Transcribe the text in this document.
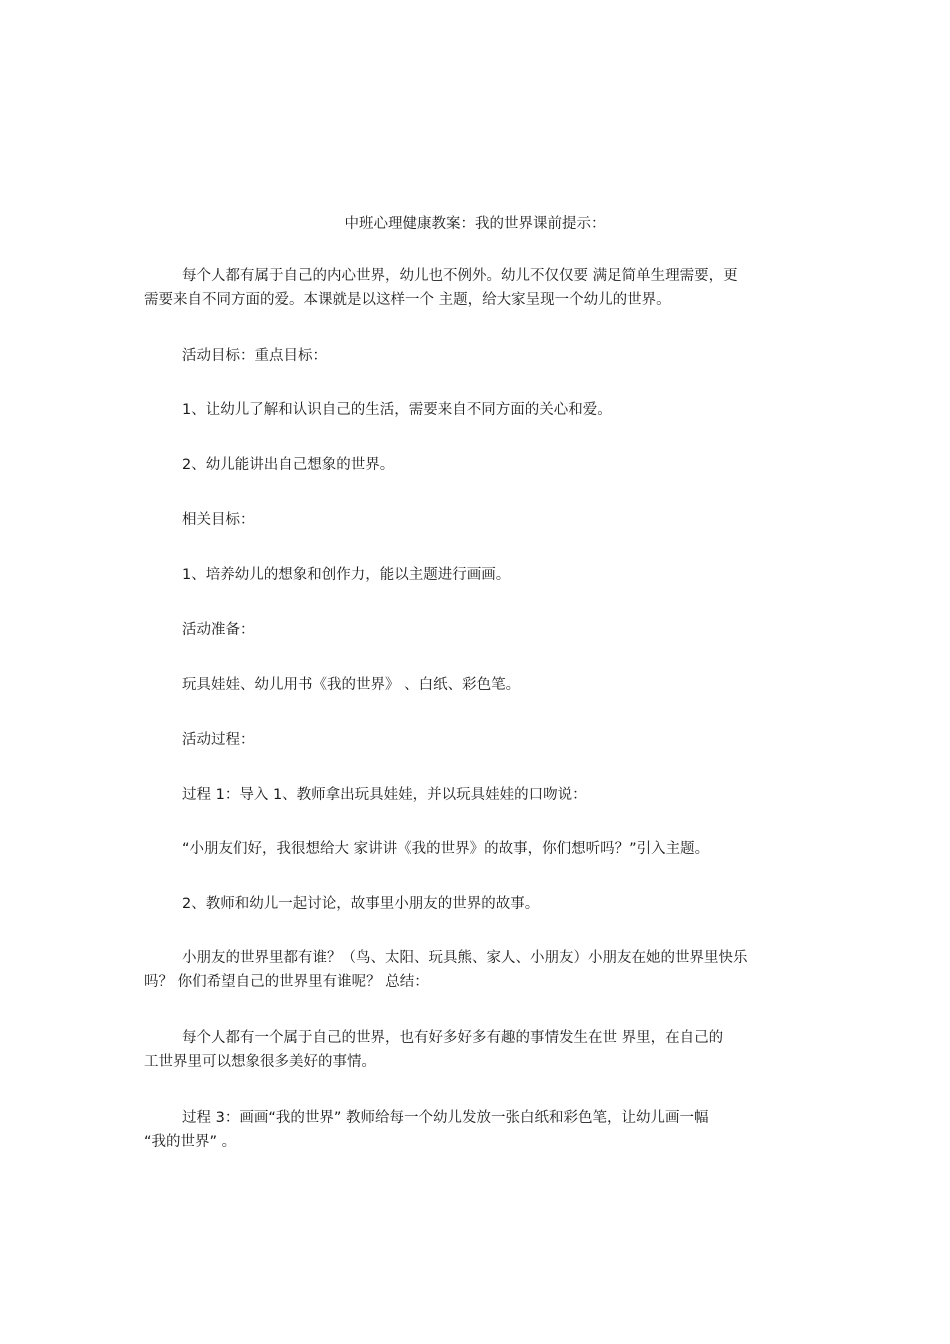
中班心理健康教案：我的世界课前提示：
每个人都有属于自己的内心世界，幼儿也不例外。幼儿不仅仅要 满足简单生理需要，更
需要来自不同方面的爱。本课就是以这样一个 主题，给大家呈现一个幼儿的世界。
活动目标：重点目标：
1、让幼儿了解和认识自己的生活，需要来自不同方面的关心和爱。
2、幼儿能讲出自己想象的世界。
相关目标：
1、培养幼儿的想象和创作力，能以主题进行画画。
活动准备：
玩具娃娃、幼儿用书《我的世界》 、白纸、彩色笔。
活动过程：
过程 1：导入 1、教师拿出玩具娃娃，并以玩具娃娃的口吻说：
“小朋友们好，我很想给大 家讲讲《我的世界》的故事，你们想听吗？”引入主题。
2、教师和幼儿一起讨论，故事里小朋友的世界的故事。
小朋友的世界里都有谁？（鸟、太阳、玩具熊、家人、小朋友）小朋友在她的世界里快乐
吗？ 你们希望自己的世界里有谁呢？ 总结：
每个人都有一个属于自己的世界，也有好多好多有趣的事情发生在世 界里，在自己的
工世界里可以想象很多美好的事情。
过程 3：画画“我的世界” 教师给每一个幼儿发放一张白纸和彩色笔，让幼儿画一幅
“我的世界” 。
